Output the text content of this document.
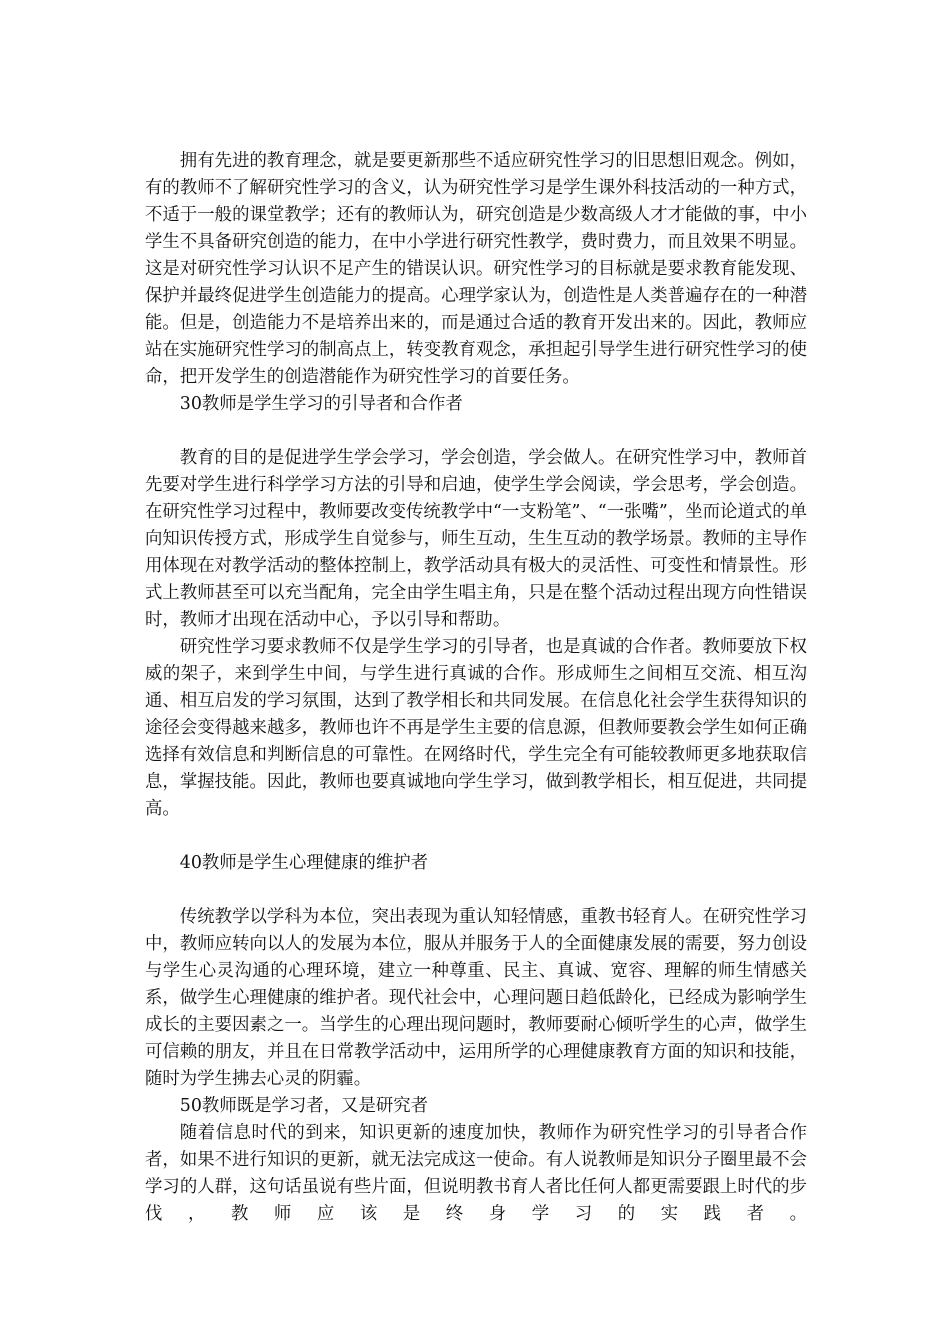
拥有先进的教育理念，就是要更新那些不适应研究性学习的旧思想旧观念。例如，有的教师不了解研究性学习的含义，认为研究性学习是学生课外科技活动的一种方式，不适于一般的课堂教学；还有的教师认为，研究创造是少数高级人才才能做的事，中小学生不具备研究创造的能力，在中小学进行研究性教学，费时费力，而且效果不明显。这是对研究性学习认识不足产生的错误认识。研究性学习的目标就是要求教育能发现、保护并最终促进学生创造能力的提高。心理学家认为，创造性是人类普遍存在的一种潜能。但是，创造能力不是培养出来的，而是通过合适的教育开发出来的。因此，教师应站在实施研究性学习的制高点上，转变教育观念，承担起引导学生进行研究性学习的使命，把开发学生的创造潜能作为研究性学习的首要任务。

30教师是学生学习的引导者和合作者

教育的目的是促进学生学会学习，学会创造，学会做人。在研究性学习中，教师首先要对学生进行科学学习方法的引导和启迪，使学生学会阅读，学会思考，学会创造。在研究性学习过程中，教师要改变传统教学中“一支粉笔”、“一张嘴”，坐而论道式的单向知识传授方式，形成学生自觉参与，师生互动，生生互动的教学场景。教师的主导作用体现在对教学活动的整体控制上，教学活动具有极大的灵活性、可变性和情景性。形式上教师甚至可以充当配角，完全由学生唱主角，只是在整个活动过程出现方向性错误时，教师才出现在活动中心，予以引导和帮助。

研究性学习要求教师不仅是学生学习的引导者，也是真诚的合作者。教师要放下权威的架子，来到学生中间，与学生进行真诚的合作。形成师生之间相互交流、相互沟通、相互启发的学习氛围，达到了教学相长和共同发展。在信息化社会学生获得知识的途径会变得越来越多，教师也许不再是学生主要的信息源，但教师要教会学生如何正确选择有效信息和判断信息的可靠性。在网络时代，学生完全有可能较教师更多地获取信息，掌握技能。因此，教师也要真诚地向学生学习，做到教学相长，相互促进，共同提高。

40教师是学生心理健康的维护者

传统教学以学科为本位，突出表现为重认知轻情感，重教书轻育人。在研究性学习中，教师应转向以人的发展为本位，服从并服务于人的全面健康发展的需要，努力创设与学生心灵沟通的心理环境，建立一种尊重、民主、真诚、宽容、理解的师生情感关系，做学生心理健康的维护者。现代社会中，心理问题日趋低龄化，已经成为影响学生成长的主要因素之一。当学生的心理出现问题时，教师要耐心倾听学生的心声，做学生可信赖的朋友，并且在日常教学活动中，运用所学的心理健康教育方面的知识和技能，随时为学生拂去心灵的阴霾。

50教师既是学习者，又是研究者

随着信息时代的到来，知识更新的速度加快，教师作为研究性学习的引导者合作者，如果不进行知识的更新，就无法完成这一使命。有人说教师是知识分子圈里最不会学习的人群，这句话虽说有些片面，但说明教书育人者比任何人都更需要跟上时代的步伐，教师应该是终身学习的实践者。
